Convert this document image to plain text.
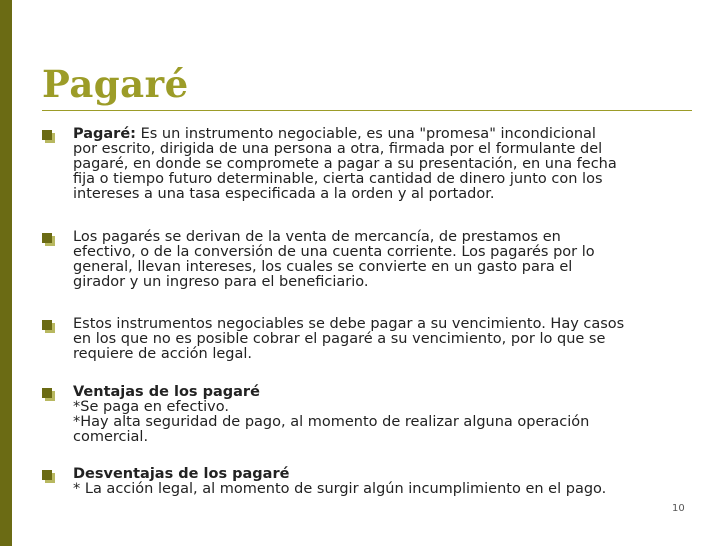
Pagaré
Pagaré: Es un instrumento negociable, es una "promesa" incondicional
por escrito, dirigida de una persona a otra, firmada por el formulante del
pagaré, en donde se compromete a pagar a su presentación, en una fecha
fija o tiempo futuro determinable, cierta cantidad de dinero junto con los
intereses a una tasa especificada a la orden y al portador.
Los pagarés se derivan de la venta de mercancía, de prestamos en
efectivo, o de la conversión de una cuenta corriente. Los pagarés por lo
general, llevan intereses, los cuales se convierte en un gasto para el
girador y un ingreso para el beneficiario.
Estos instrumentos negociables se debe pagar a su vencimiento. Hay casos
en los que no es posible cobrar el pagaré a su vencimiento, por lo que se
requiere de acción legal.
Ventajas de los pagaré
*Se paga en efectivo.
*Hay alta seguridad de pago, al momento de realizar alguna operación
comercial.
Desventajas de los pagaré
* La acción legal, al momento de surgir algún incumplimiento en el pago.
10
